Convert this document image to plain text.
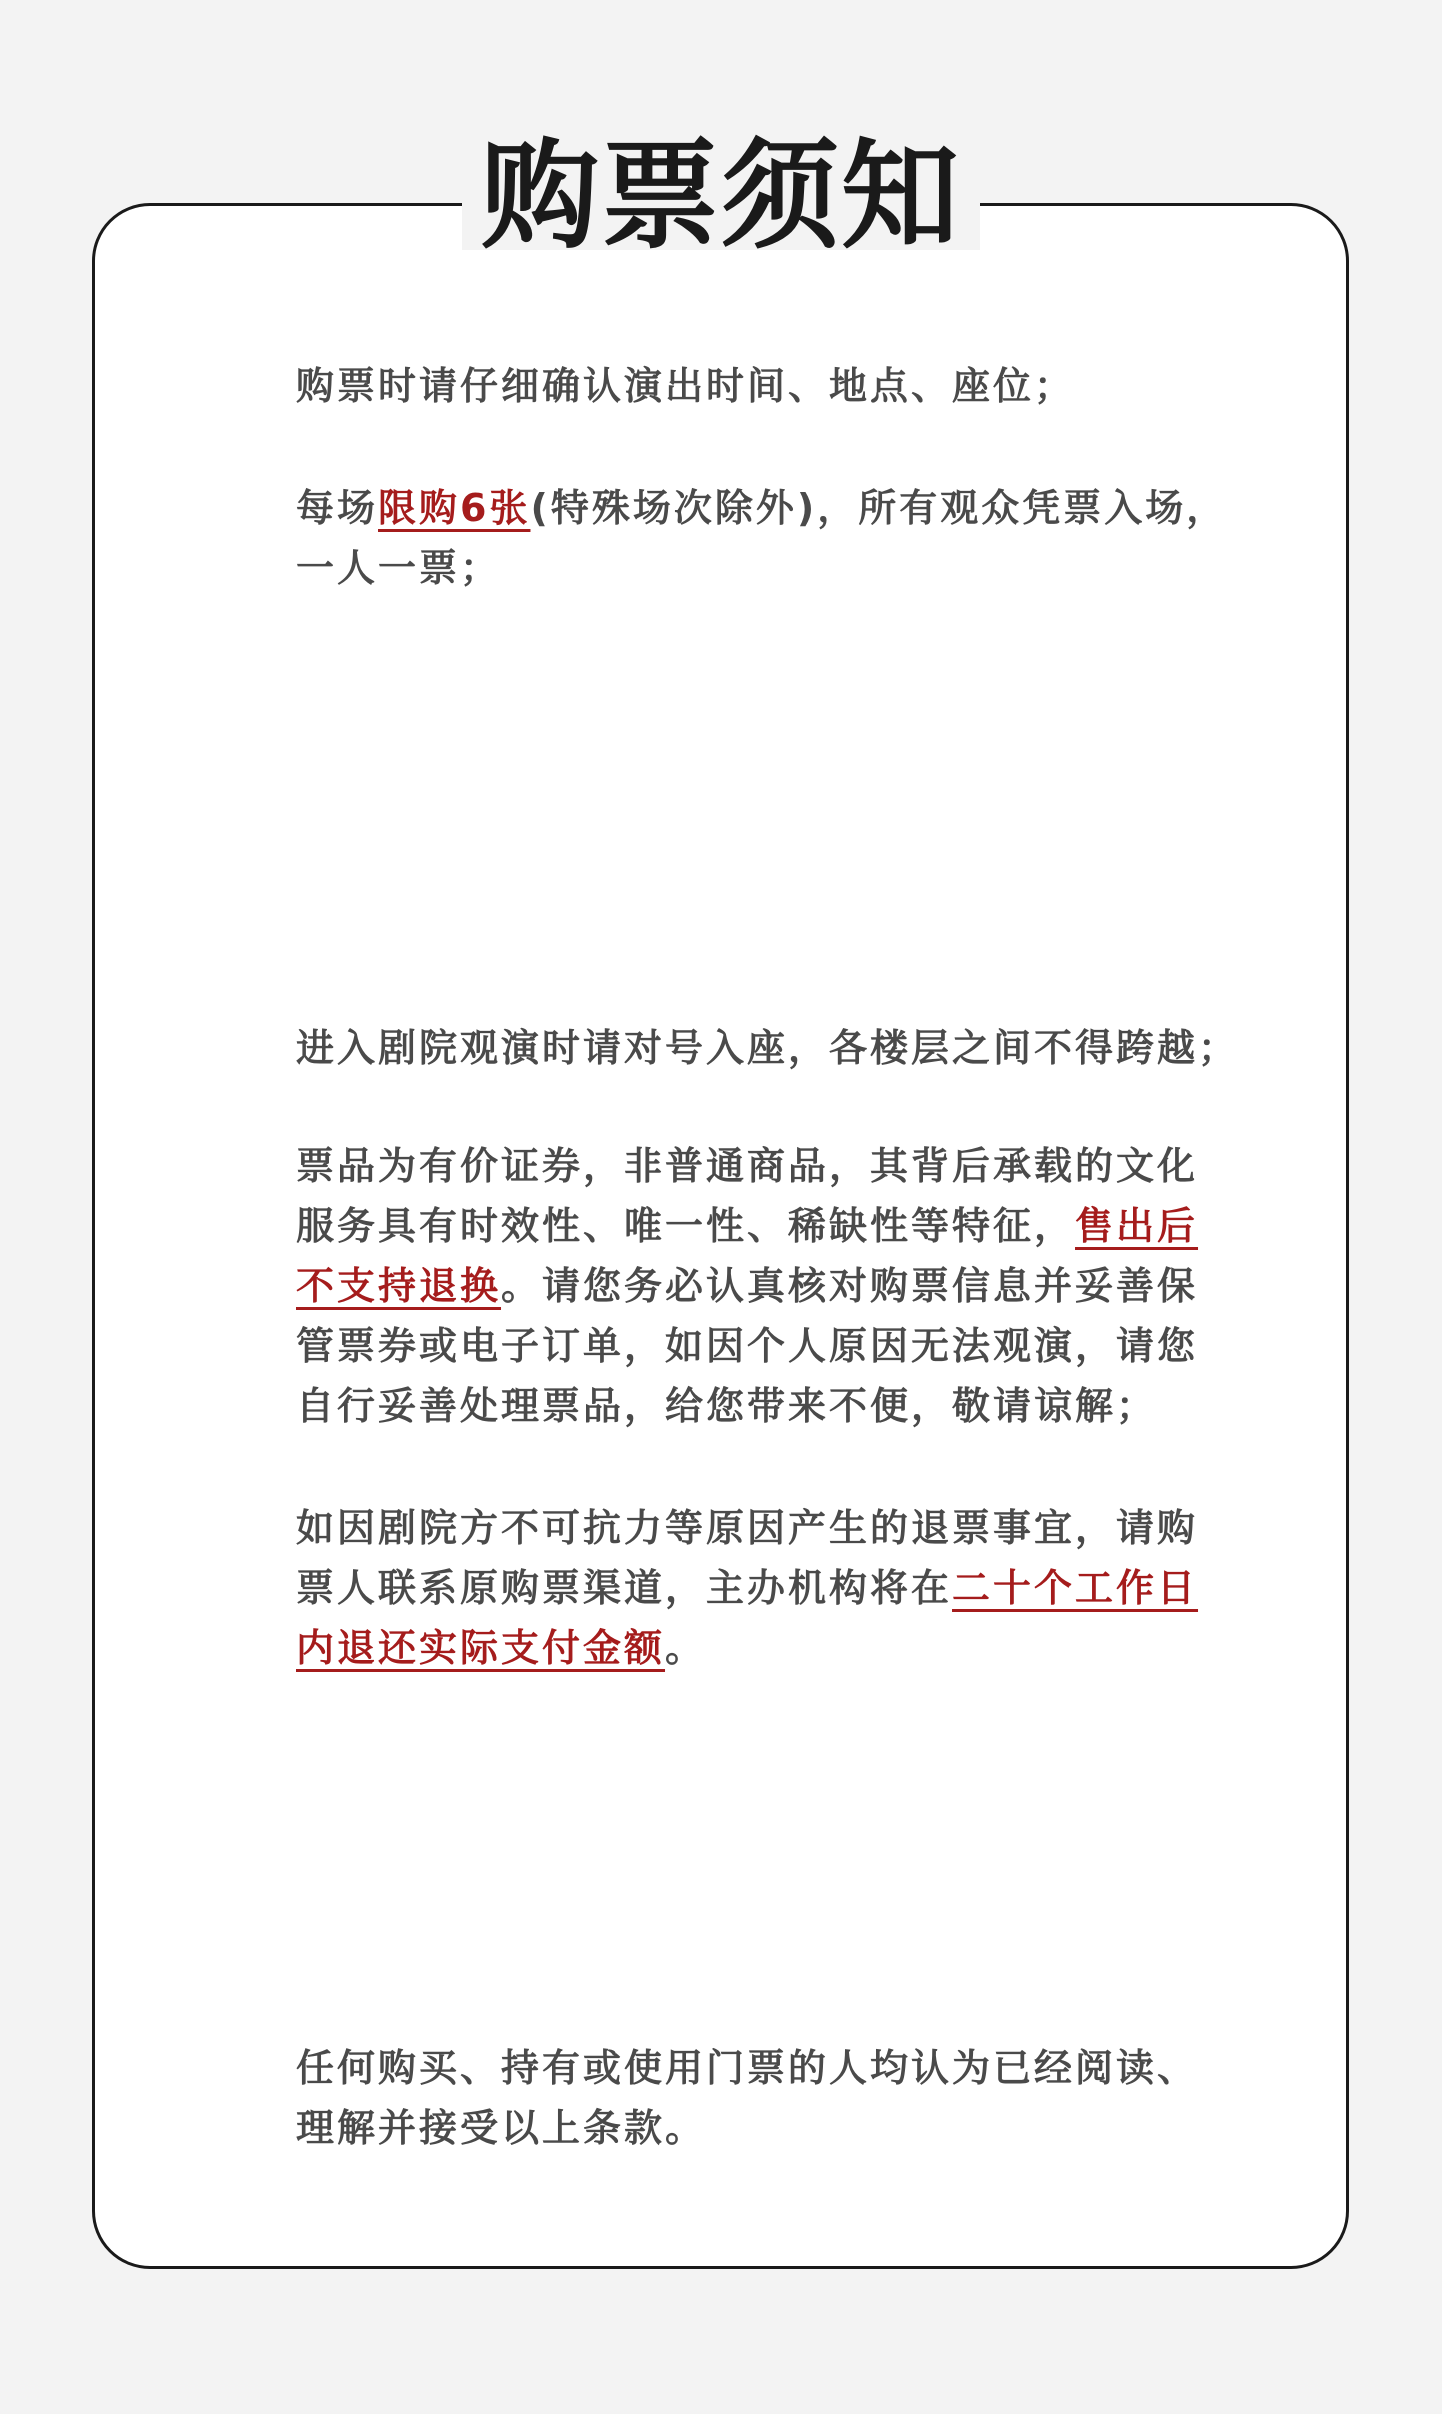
购票须知

购票时请仔细确认演出时间、地点、座位；

每场限购6张(特殊场次除外)，所有观众凭票入场，
一人一票；

进入剧院观演时请对号入座，各楼层之间不得跨越；

票品为有价证券，非普通商品，其背后承载的文化
服务具有时效性、唯一性、稀缺性等特征，售出后
不支持退换。请您务必认真核对购票信息并妥善保
管票券或电子订单，如因个人原因无法观演，请您
自行妥善处理票品，给您带来不便，敬请谅解；

如因剧院方不可抗力等原因产生的退票事宜，请购
票人联系原购票渠道，主办机构将在二十个工作日
内退还实际支付金额。

任何购买、持有或使用门票的人均认为已经阅读、
理解并接受以上条款。
